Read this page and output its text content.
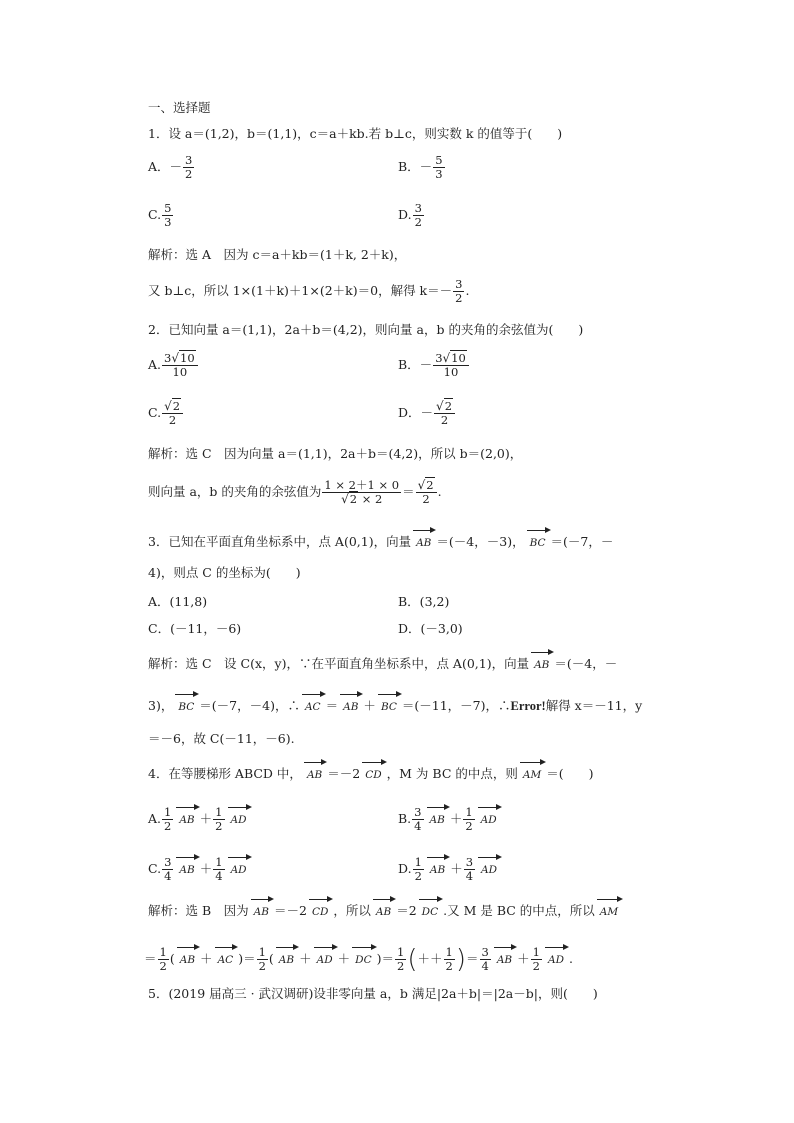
一、选择题
1．设 a＝(1,2)，b＝(1,1)，c＝a＋kb.若 b⊥c，则实数 k 的值等于(　　)
A．－ $\frac{3}{2}$	B．－ $\frac{5}{3}$
C. $\frac{5}{3}$	D. $\frac{3}{2}$
解析：选 A　因为 c＝a＋kb＝(1＋k, 2＋k)，
又 b⊥c，所以 1×(1＋k)＋1×(2＋k)＝0，解得 $k=- \frac{3}{2}$ .
2．已知向量 a＝(1,1)，2a＋b＝(4,2)，则向量 a，b 的夹角的余弦值为(　　)
A. $\frac{3√10}{10}$	B．－ $\frac{3√10}{10}$
C. $\frac{√2}{2}$	D．－ $\frac{√2}{2}$
解析：选 C　因为向量 a＝(1,1)，2a＋b＝(4,2)，所以 b＝(2,0)，
则向量 a，b 的夹角的余弦值为 $\frac{1 \times 2+1 \times 0}{√2 \times 2} = \frac{√2}{2}$ .
3．已知在平面直角坐标系中，点 A(0,1)，向量 AB ＝(－4，－3)， BC ＝(－7，－
4)，则点 C 的坐标为(　　)
A．(11,8)	B．(3,2)
C．(－11，－6)	D．(－3,0)
解析：选 C　设 C(x，y)，∵在平面直角坐标系中，点 A(0,1)，向量 AB ＝(－4，－
3)， BC ＝(－7，－4)，∴ AC ＝ AB ＋ BC ＝(－11，－7)，∴Error!解得 x＝－11，y
＝－6，故 C(－11，－6).
4．在等腰梯形 ABCD 中， AB ＝－2 CD ，M 为 BC 的中点，则 AM ＝(　　)
A. $\frac{1}{2}$ AB ＋ $\frac{1}{2}$ AD	B. $\frac{3}{4}$ AB ＋ $\frac{1}{2}$ AD
C. $\frac{3}{4}$ AB ＋ $\frac{1}{4}$ AD	D. $\frac{1}{2}$ AB ＋ $\frac{3}{4}$ AD
解析：选 B　因为 AB ＝－2 CD ，所以 AB ＝2 DC .又 M 是 BC 的中点，所以 AM
＝ $\frac{1}{2}$ ( AB ＋ AC )＝ $\frac{1}{2}$ ( AB ＋ AD ＋ DC )＝ $\frac{1}{2}$ (＋＋ $\frac{1}{2}$ )＝ $\frac{3}{4}$ AB ＋ $\frac{1}{2}$ AD .
5．(2019 届高三 · 武汉调研)设非零向量 a，b 满足|2a＋b|＝|2a－b|，则(　　)
